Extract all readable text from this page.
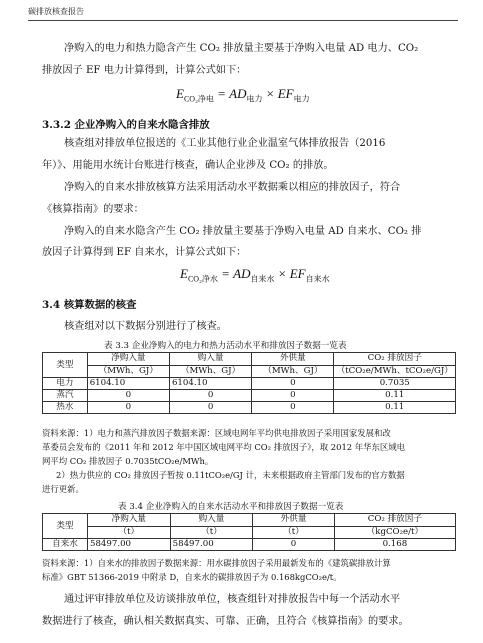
碳排放核查报告
净购入的电力和热力隐含产生 CO₂ 排放量主要基于净购入电量 AD 电力、CO₂
排放因子 EF 电力计算得到，计算公式如下：
$E_{CO_2净电} = AD_{电力} \times EF_{电力}$
3.3.2 企业净购入的自来水隐含排放
核查组对排放单位报送的《工业其他行业企业温室气体排放报告（2016
年）》、用能用水统计台账进行核查，确认企业涉及 CO₂ 的排放。
净购入的自来水排放核算方法采用活动水平数据乘以相应的排放因子，符合
《核算指南》的要求：
净购入的自来水隐含产生 CO₂ 排放量主要基于净购入电量 AD 自来水、CO₂ 排
放因子计算得到 EF 自来水，计算公式如下：
$E_{CO_2净水} = AD_{自来水} \times EF_{自来水}$
3.4 核算数据的核查
核查组对以下数据分别进行了核查。
表 3.3 企业净购入的电力和热力活动水平和排放因子数据一览表
类型	净购入量	购入量	外供量	CO₂ 排放因子
	（MWh、GJ）	（MWh、GJ）	（MWh、GJ）	（tCO₂e/MWh、tCO₂e/GJ）
电力	6104.10	6104.10	0	0.7035
蒸汽	0	0	0	0.11
热水	0	0	0	0.11
资料来源：1）电力和蒸汽排放因子数据来源：区域电网年平均供电排放因子采用国家发展和改
革委员会发布的《2011 年和 2012 年中国区域电网平均 CO₂ 排放因子》，取 2012 年华东区域电
网平均 CO₂ 排放因子 0.7035tCO₂e/MWh。
2）热力供应的 CO₂ 排放因子暂按 0.11tCO₂e/GJ 计，未来根据政府主管部门发布的官方数据
进行更新。
表 3.4 企业净购入的自来水活动水平和排放因子数据一览表
类型	净购入量	购入量	外供量	CO₂ 排放因子
	（t）	（t）	（t）	（kgCO₂e/t）
自来水	58497.00	58497.00	0	0.168
资料来源：1）自来水的排放因子数据来源：用水碳排放因子采用最新发布的《建筑碳排放计算
标准》GBT 51366-2019 中附录 D，自来水的碳排放因子为 0.168kgCO₂e/t。
通过评审排放单位及访谈排放单位，核查组针对排放报告中每一个活动水平
数据进行了核查，确认相关数据真实、可靠、正确，且符合《核算指南》的要求。
